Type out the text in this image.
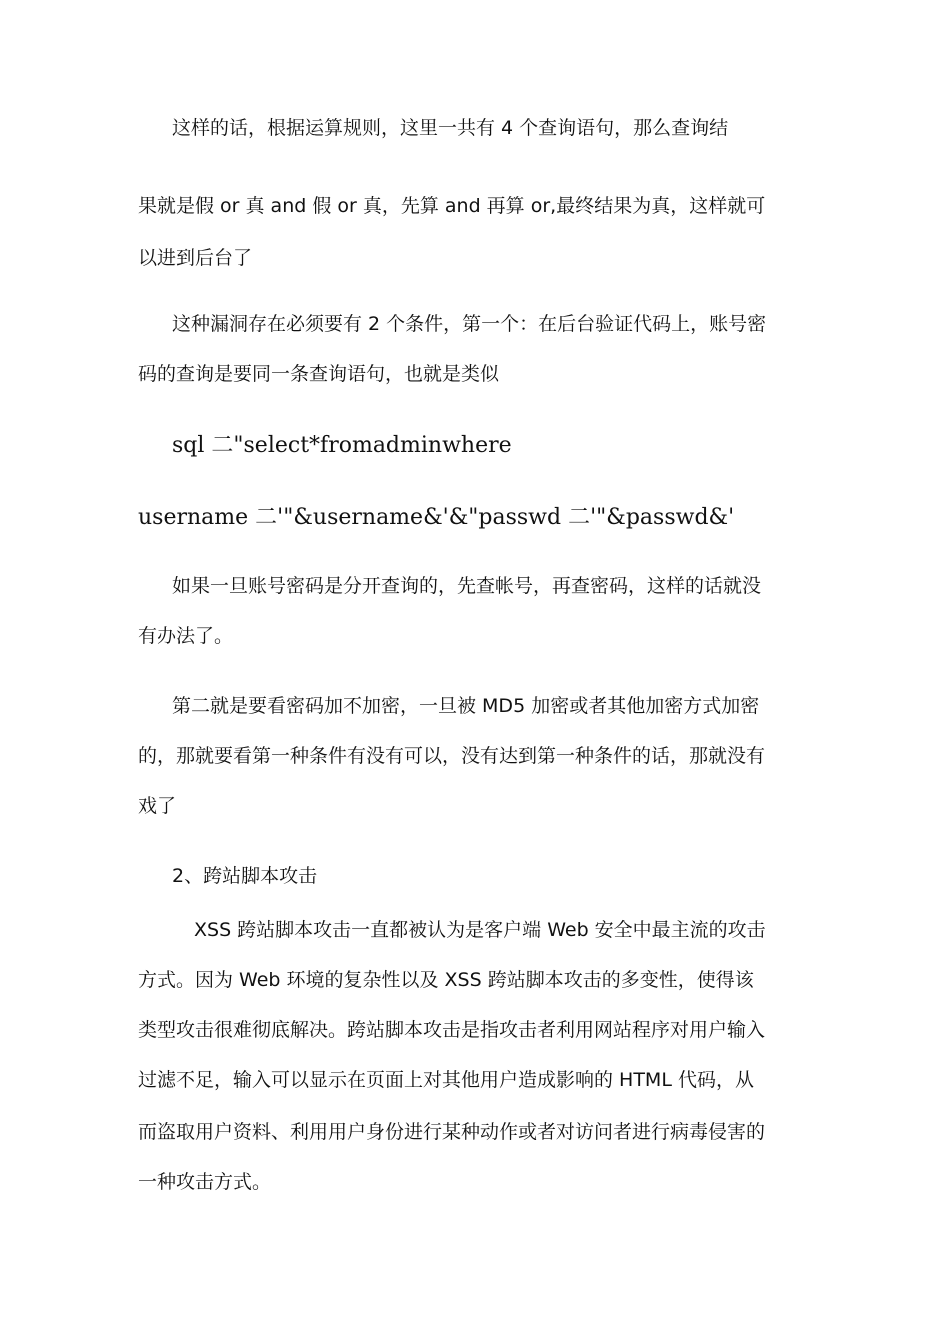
这样的话，根据运算规则，这里一共有 4 个查询语句，那么查询结
果就是假 or 真 and 假 or 真，先算 and 再算 or,最终结果为真，这样就可
以进到后台了
这种漏洞存在必须要有 2 个条件，第一个：在后台验证代码上，账号密
码的查询是要同一条查询语句，也就是类似
sql 二"select*fromadminwhere
username 二'"&username&'&"passwd 二'"&passwd&'
如果一旦账号密码是分开查询的，先查帐号，再查密码，这样的话就没
有办法了。
第二就是要看密码加不加密，一旦被 MD5 加密或者其他加密方式加密
的，那就要看第一种条件有没有可以，没有达到第一种条件的话，那就没有
戏了
2、跨站脚本攻击
XSS 跨站脚本攻击一直都被认为是客户端 Web 安全中最主流的攻击
方式。因为 Web 环境的复杂性以及 XSS 跨站脚本攻击的多变性，使得该
类型攻击很难彻底解决。跨站脚本攻击是指攻击者利用网站程序对用户输入
过滤不足，输入可以显示在页面上对其他用户造成影响的 HTML 代码，从
而盗取用户资料、利用用户身份进行某种动作或者对访问者进行病毒侵害的
一种攻击方式。
